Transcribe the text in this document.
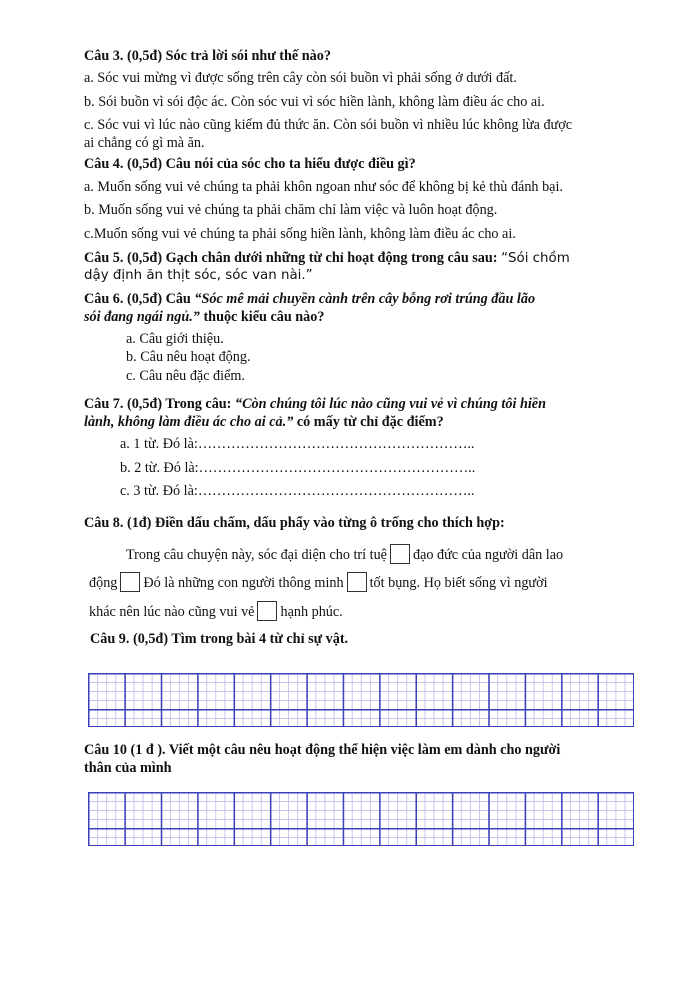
Câu 3. (0,5đ) Sóc trả lời sói như thế nào?
a. Sóc vui mừng vì được sống trên cây còn sói buồn vì phải sống ở dưới đất.
b. Sói buồn vì sói độc ác. Còn sóc vui vì sóc hiền lành, không làm điều ác cho ai.
c. Sóc vui vì lúc nào cũng kiếm đủ thức ăn. Còn sói buồn vì nhiều lúc không lừa được
ai chẳng có gì mà ăn.
Câu 4. (0,5đ) Câu nói của sóc cho ta hiểu được điều gì?
a. Muốn sống vui vẻ chúng ta phải khôn ngoan như sóc để không bị kẻ thù đánh bại.
b. Muốn sống vui vẻ chúng ta phải chăm chỉ làm việc và luôn hoạt động.
c.Muốn sống vui vẻ chúng ta phải sống hiền lành, không làm điều ác cho ai.
Câu 5. (0,5đ) Gạch chân dưới những từ chỉ hoạt động trong câu sau: “Sói chồm
dậy định ăn thịt sóc, sóc van nài.”
Câu 6. (0,5đ) Câu “Sóc mê mải chuyền cành trên cây bỗng rơi trúng đầu lão
sói đang ngái ngủ.” thuộc kiểu câu nào?
a. Câu giới thiệu.
b. Câu nêu hoạt động.
c. Câu nêu đặc điểm.
Câu 7. (0,5đ) Trong câu: “Còn chúng tôi lúc nào cũng vui vẻ vì chúng tôi hiền
lành, không làm điều ác cho ai cả.” có mấy từ chỉ đặc điểm?
a. 1 từ. Đó là:…………………………………………………..
b. 2 từ. Đó là:…………………………………………………..
c. 3 từ. Đó là:…………………………………………………..
Câu 8. (1đ) Điền dấu chấm, dấu phẩy vào từng ô trống cho thích hợp:
Trong câu chuyện này, sóc đại diện cho trí tuệ đạo đức của người dân lao
động Đó là những con người thông minh tốt bụng. Họ biết sống vì người
khác nên lúc nào cũng vui vẻ hạnh phúc.
Câu 9. (0,5đ) Tìm trong bài 4 từ chỉ sự vật.
Câu 10 (1 đ ). Viết một câu nêu hoạt động thể hiện việc làm em dành cho người
thân của mình
